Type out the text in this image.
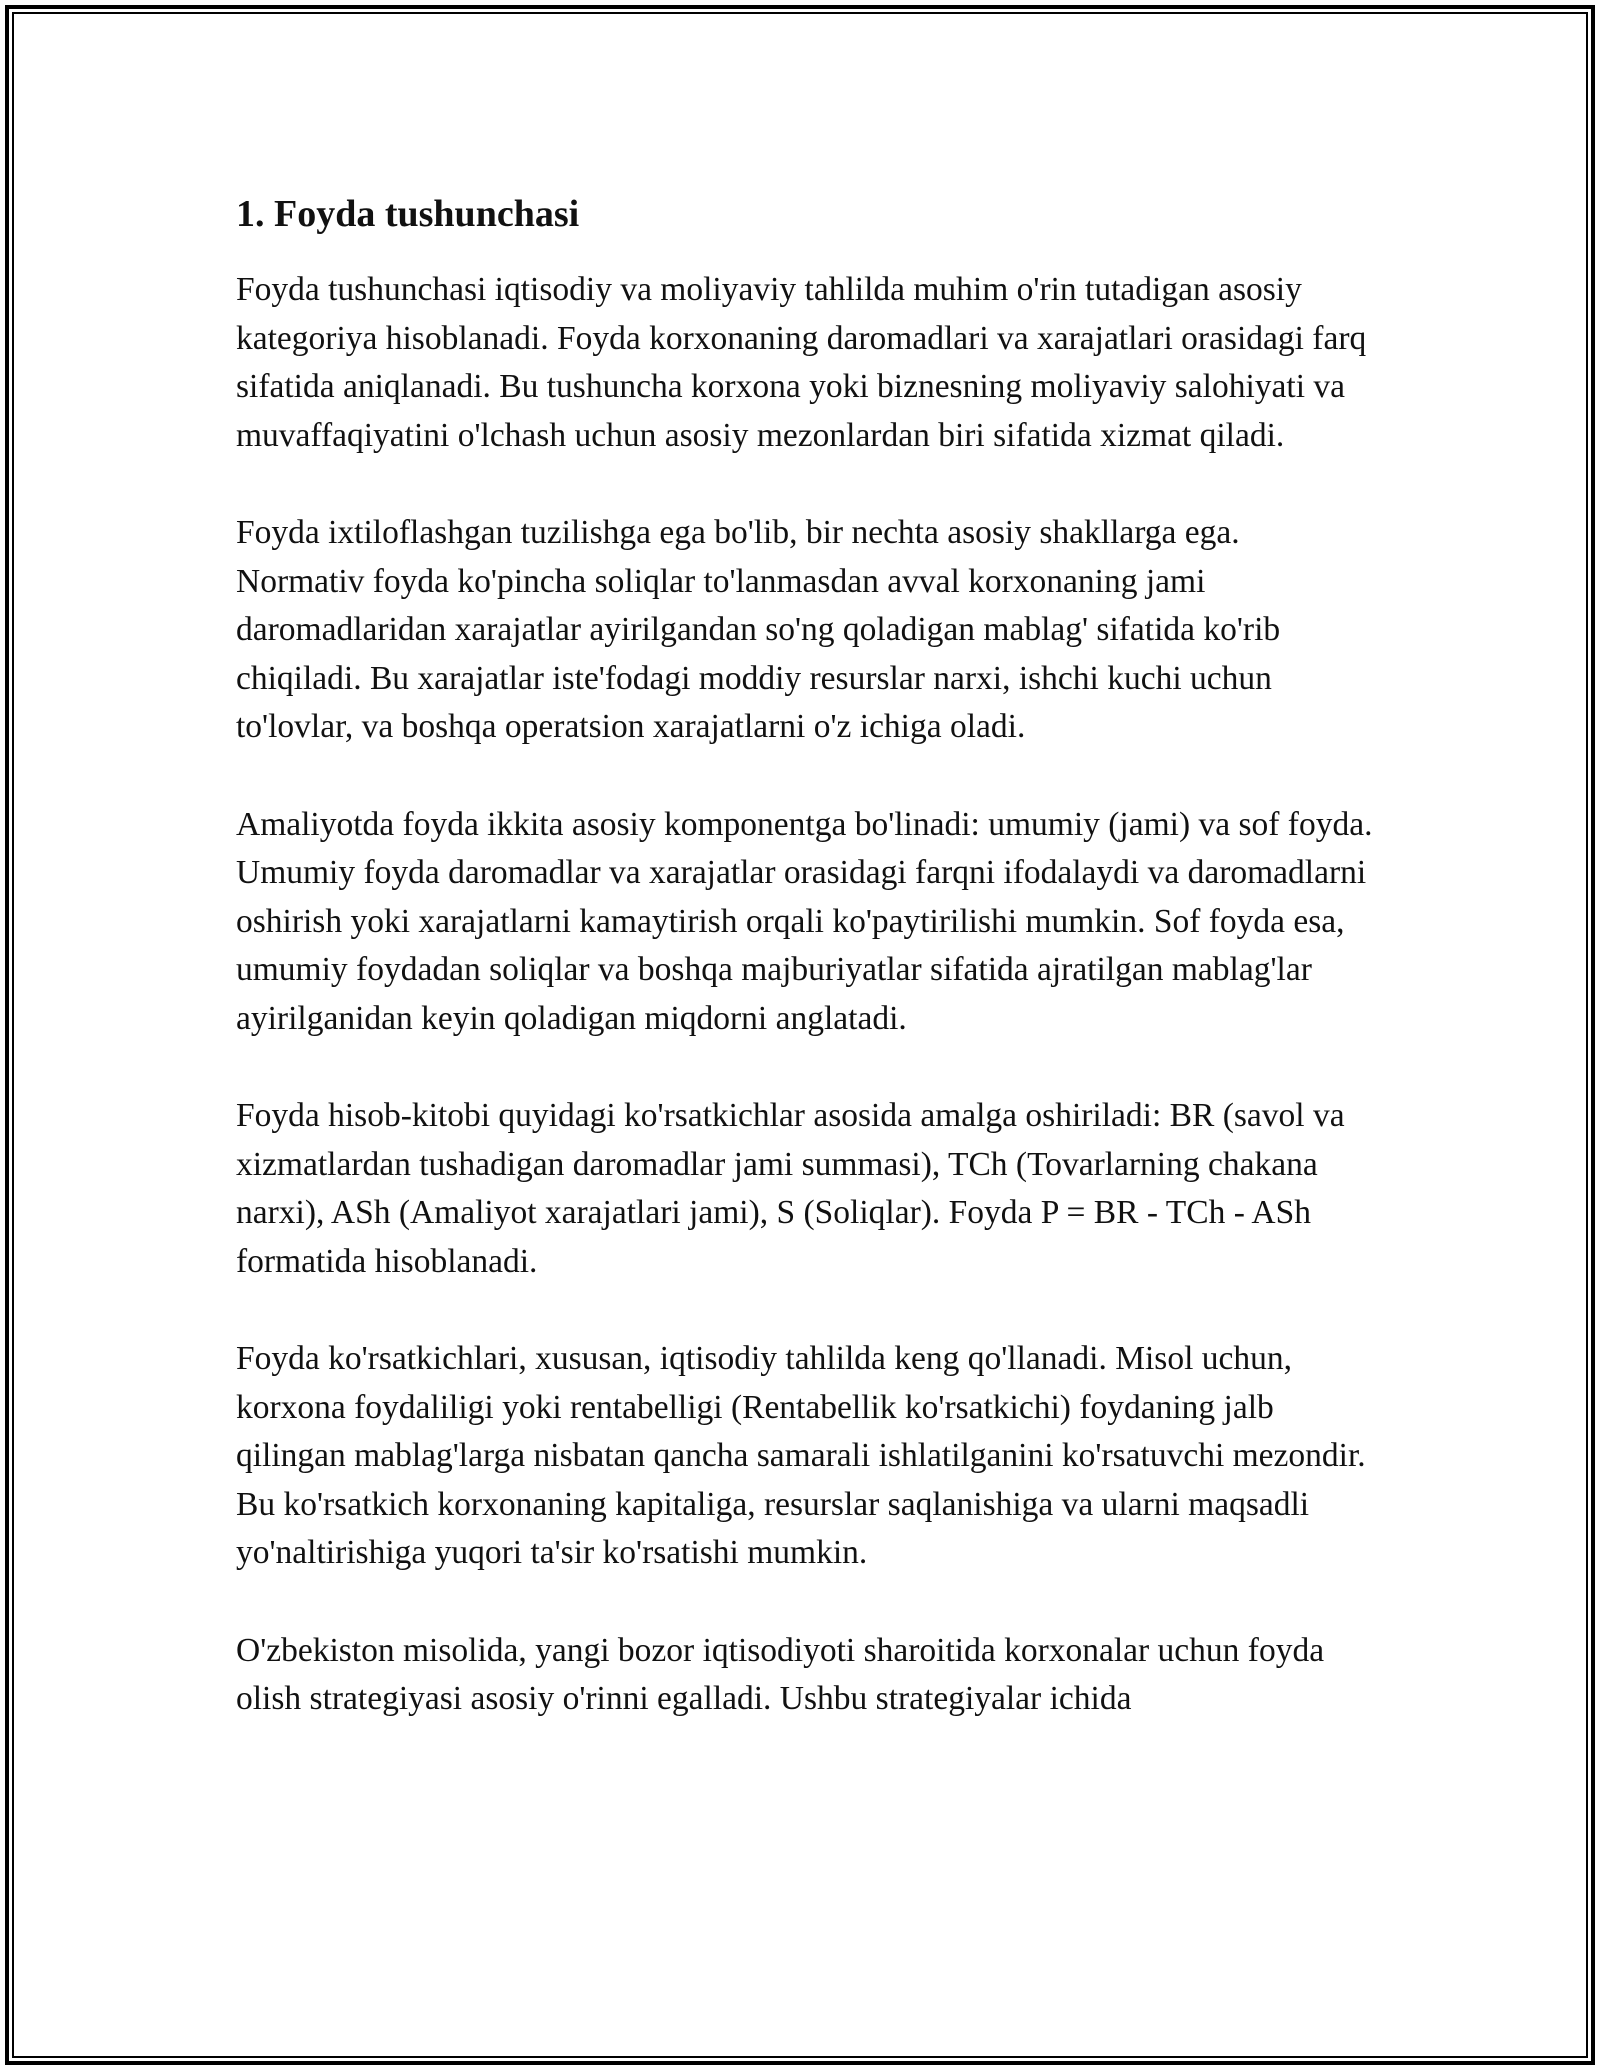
1. Foyda tushunchasi

Foyda tushunchasi iqtisodiy va moliyaviy tahlilda muhim o'rin tutadigan asosiy kategoriya hisoblanadi. Foyda korxonaning daromadlari va xarajatlari orasidagi farq sifatida aniqlanadi. Bu tushuncha korxona yoki biznesning moliyaviy salohiyati va muvaffaqiyatini o'lchash uchun asosiy mezonlardan biri sifatida xizmat qiladi.

Foyda ixtiloflashgan tuzilishga ega bo'lib, bir nechta asosiy shakllarga ega. Normativ foyda ko'pincha soliqlar to'lanmasdan avval korxonaning jami daromadlaridan xarajatlar ayirilgandan so'ng qoladigan mablag' sifatida ko'rib chiqiladi. Bu xarajatlar iste'fodagi moddiy resurslar narxi, ishchi kuchi uchun to'lovlar, va boshqa operatsion xarajatlarni o'z ichiga oladi.

Amaliyotda foyda ikkita asosiy komponentga bo'linadi: umumiy (jami) va sof foyda. Umumiy foyda daromadlar va xarajatlar orasidagi farqni ifodalaydi va daromadlarni oshirish yoki xarajatlarni kamaytirish orqali ko'paytirilishi mumkin. Sof foyda esa, umumiy foydadan soliqlar va boshqa majburiyatlar sifatida ajratilgan mablag'lar ayirilganidan keyin qoladigan miqdorni anglatadi.

Foyda hisob-kitobi quyidagi ko'rsatkichlar asosida amalga oshiriladi: BR (savol va xizmatlardan tushadigan daromadlar jami summasi), TCh (Tovarlarning chakana narxi), ASh (Amaliyot xarajatlari jami), S (Soliqlar). Foyda P = BR - TCh - ASh formatida hisoblanadi.

Foyda ko'rsatkichlari, xususan, iqtisodiy tahlilda keng qo'llanadi. Misol uchun, korxona foydaliligi yoki rentabelligi (Rentabellik ko'rsatkichi) foydaning jalb qilingan mablag'larga nisbatan qancha samarali ishlatilganini ko'rsatuvchi mezondir. Bu ko'rsatkich korxonaning kapitaliga, resurslar saqlanishiga va ularni maqsadli yo'naltirishiga yuqori ta'sir ko'rsatishi mumkin.

O'zbekiston misolida, yangi bozor iqtisodiyoti sharoitida korxonalar uchun foyda olish strategiyasi asosiy o'rinni egalladi. Ushbu strategiyalar ichida
